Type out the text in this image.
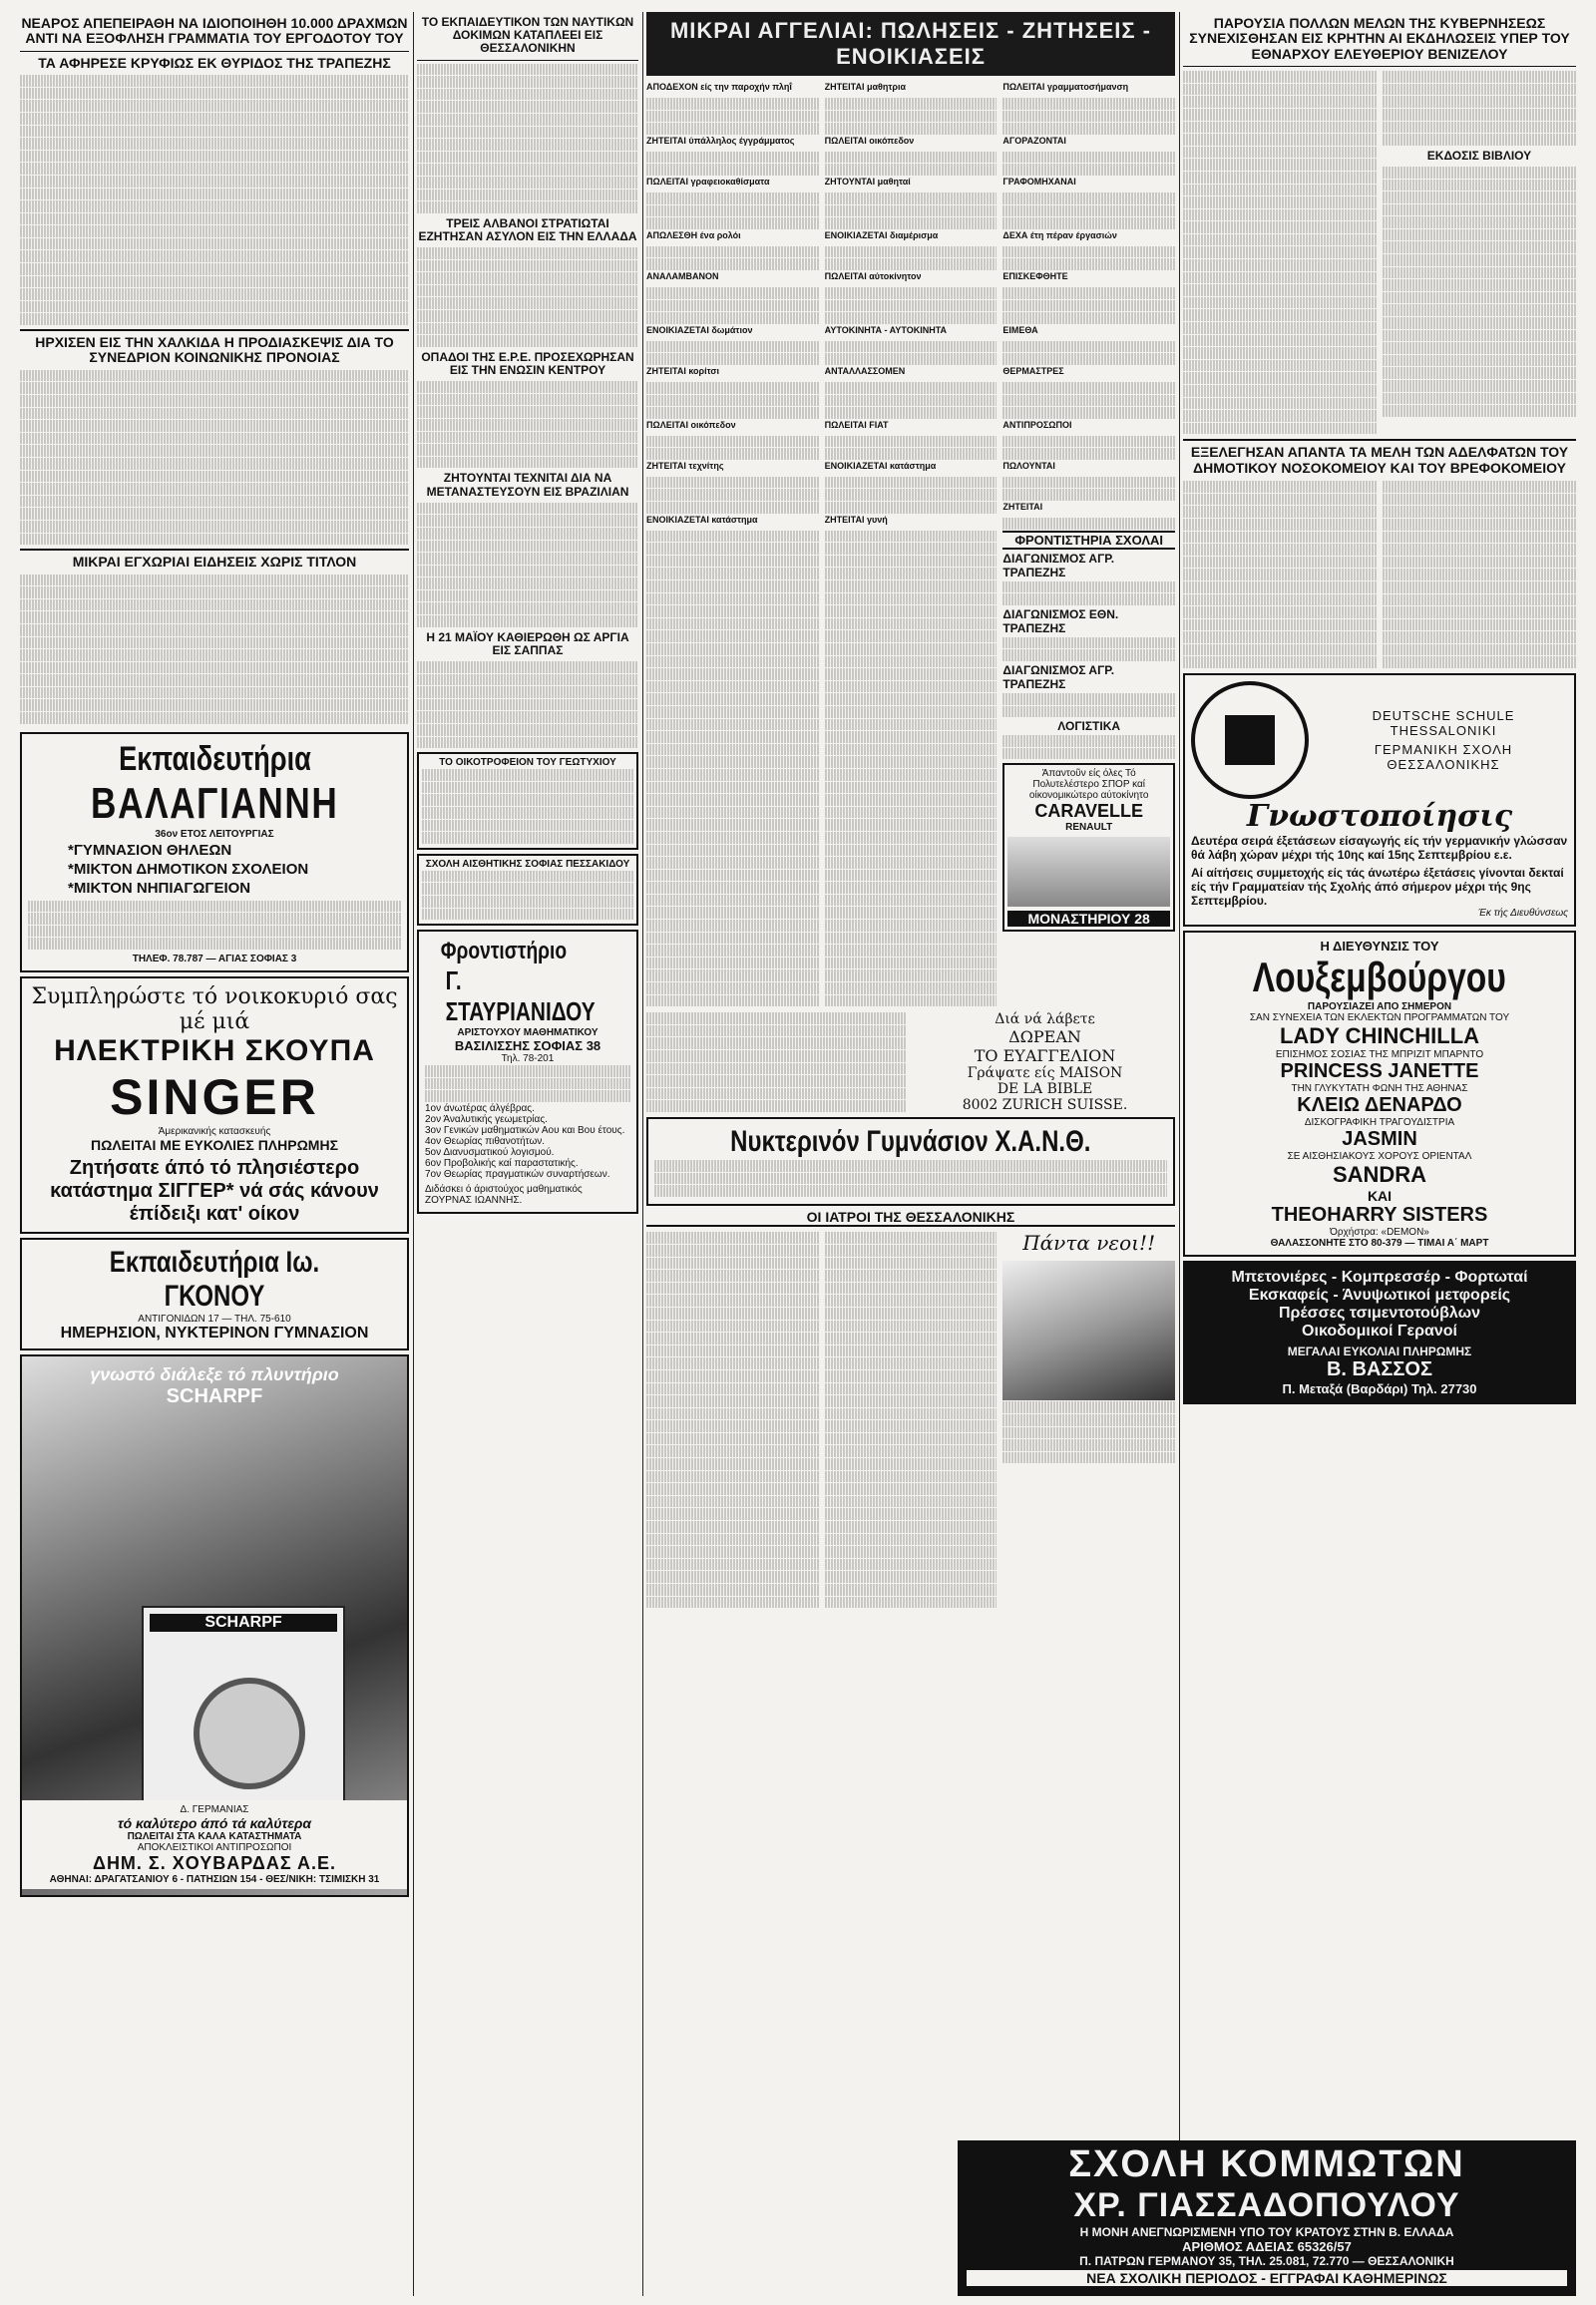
ΝΕΑΡΟΣ ΑΠΕΠΕΙΡΑΘΗ ΝΑ ΙΔΙΟΠΟΙΗΘΗ 10.000 ΔΡΑΧΜΩΝ ΑΝΤΙ ΝΑ ΕΞΟΦΛΗΣΗ ΓΡΑΜΜΑΤΙΑ ΤΟΥ ΕΡΓΟΔΟΤΟΥ ΤΟΥ
ΤΑ ΑΦΗΡΕΣΕ ΚΡΥΦΙΩΣ ΕΚ ΘΥΡΙΔΟΣ ΤΗΣ ΤΡΑΠΕΖΗΣ
ΗΡΧΙΣΕΝ ΕΙΣ ΤΗΝ ΧΑΛΚΙΔΑ Η ΠΡΟΔΙΑΣΚΕΨΙΣ ΔΙΑ ΤΟ ΣΥΝΕΔΡΙΟΝ ΚΟΙΝΩΝΙΚΗΣ ΠΡΟΝΟΙΑΣ
ΜΙΚΡΑΙ ΕΓΧΩΡΙΑΙ ΕΙΔΗΣΕΙΣ ΧΩΡΙΣ ΤΙΤΛΟΝ
Εκπαιδευτήρια
ΒΑΛΑΓΙΑΝΝΗ
36ον ΕΤΟΣ ΛΕΙΤΟΥΡΓΙΑΣ
*ΓΥΜΝΑΣΙΟΝ ΘΗΛΕΩΝ
*ΜΙΚΤΟΝ ΔΗΜΟΤΙΚΟΝ ΣΧΟΛΕΙΟΝ
*ΜΙΚΤΟΝ ΝΗΠΙΑΓΩΓΕΙΟΝ
ΤΗΛΕΦ. 78.787 — ΑΓΙΑΣ ΣΟΦΙΑΣ 3
Συμπληρώστε τό νοικοκυριό σας μέ μιά
ΗΛΕΚΤΡΙΚΗ ΣΚΟΥΠΑ
SINGER
Άμερικανικής κατασκευής
ΠΩΛΕΙΤΑΙ ΜΕ ΕΥΚΟΛΙΕΣ ΠΛΗΡΩΜΗΣ
Ζητήσατε άπό τό πλησιέστερο κατάστημα ΣΙΓΓΕΡ* νά σάς κάνουν έπίδειξι κατ' οίκον
Εκπαιδευτήρια Ιω. ΓΚΟΝΟΥ
ΑΝΤΙΓΟΝΙΔΩΝ 17 — ΤΗΛ. 75-610
ΗΜΕΡΗΣΙΟΝ, ΝΥΚΤΕΡΙΝΟΝ ΓΥΜΝΑΣΙΟΝ
γνωστό διάλεξε τό πλυντήριο
SCHARPF
SCHARPF
Δ. ΓΕΡΜΑΝΙΑΣ
τό καλύτερο άπό τά καλύτερα
ΠΩΛΕΙΤΑΙ ΣΤΑ ΚΑΛΑ ΚΑΤΑΣΤΗΜΑΤΑ
ΑΠΟΚΛΕΙΣΤΙΚΟΙ ΑΝΤΙΠΡΟΣΩΠΟΙ
ΔΗΜ. Σ. ΧΟΥΒΑΡΔΑΣ Α.Ε.
ΑΘΗΝΑΙ: ΔΡΑΓΑΤΣΑΝΙΟΥ 6 - ΠΑΤΗΣΙΩΝ 154 - ΘΕΣ/ΝΙΚΗ: ΤΣΙΜΙΣΚΗ 31
ΤΟ ΕΚΠΑΙΔΕΥΤΙΚΟΝ ΤΩΝ ΝΑΥΤΙΚΩΝ ΔΟΚΙΜΩΝ ΚΑΤΑΠΛΕΕΙ ΕΙΣ ΘΕΣΣΑΛΟΝΙΚΗΝ
ΤΡΕΙΣ ΑΛΒΑΝΟΙ ΣΤΡΑΤΙΩΤΑΙ ΕΖΗΤΗΣΑΝ ΑΣΥΛΟΝ ΕΙΣ ΤΗΝ ΕΛΛΑΔΑ
ΟΠΑΔΟΙ ΤΗΣ Ε.Ρ.Ε. ΠΡΟΣΕΧΩΡΗΣΑΝ ΕΙΣ ΤΗΝ ΕΝΩΣΙΝ ΚΕΝΤΡΟΥ
ΖΗΤΟΥΝΤΑΙ ΤΕΧΝΙΤΑΙ ΔΙΑ ΝΑ ΜΕΤΑΝΑΣΤΕΥΣΟΥΝ ΕΙΣ ΒΡΑΖΙΛΙΑΝ
Η 21 ΜΑΪΟΥ ΚΑΘΙΕΡΩΘΗ ΩΣ ΑΡΓΙΑ ΕΙΣ ΣΑΠΠΑΣ
ΤΟ ΟΙΚΟΤΡΟΦΕΙΟΝ ΤΟΥ ΓΕΩΤΥΧΙΟΥ
ΣΧΟΛΗ ΑΙΣΘΗΤΙΚΗΣ ΣΟΦΙΑΣ ΠΕΣΣΑΚΙΔΟΥ
Φροντιστήριο Γ. ΣΤΑΥΡΙΑΝΙΔΟΥ
ΑΡΙΣΤΟΥΧΟΥ ΜΑΘΗΜΑΤΙΚΟΥ
ΒΑΣΙΛΙΣΣΗΣ ΣΟΦΙΑΣ 38
Τηλ. 78-201
1ον άνωτέρας άλγέβρας.
2ον Άναλυτικής γεωμετρίας.
3ον Γενικών μαθηματικών Αου και Βου έτους.
4ον Θεωρίας πιθανοτήτων.
5ον Διανυσματικού λογισμού.
6ον Προβολικής καί παραστατικής.
7ον Θεωρίας πραγματικών συναρτήσεων.
Διδάσκει ό άριστούχος μαθηματικός ΖΟΥΡΝΑΣ ΙΩΑΝΝΗΣ.
ΜΙΚΡΑΙ ΑΓΓΕΛΙΑΙ: ΠΩΛΗΣΕΙΣ - ΖΗΤΗΣΕΙΣ - ΕΝΟΙΚΙΑΣΕΙΣ
ΑΠΟΔΕΧΟΝ είς την παροχήν πληΐ
ΖΗΤΕΙΤΑΙ ύπάλληλος έγγράμματος
ΠΩΛΕΙΤΑΙ γραφειοκαθίσματα
ΑΠΩΛΕΣΘΗ ένα ρολόι
ΑΝΑΛΑΜΒΑΝΟΝ
ΕΝΟΙΚΙΑΖΕΤΑΙ δωμάτιον
ΖΗΤΕΙΤΑΙ κορίτσι
ΠΩΛΕΙΤΑΙ οικόπεδον
ΖΗΤΕΙΤΑΙ τεχνίτης
ΕΝΟΙΚΙΑΖΕΤΑΙ κατάστημα
ΖΗΤΕΙΤΑΙ μαθητρια
ΠΩΛΕΙΤΑΙ οικόπεδον
ΖΗΤΟΥΝΤΑΙ μαθηταί
ΕΝΟΙΚΙΑΖΕΤΑΙ διαμέρισμα
ΠΩΛΕΙΤΑΙ αύτοκίνητον
ΑΥΤΟΚΙΝΗΤΑ - ΑΥΤΟΚΙΝΗΤΑ
ΑΝΤΑΛΛΑΣΣΟΜΕΝ
ΠΩΛΕΙΤΑΙ FIAT
ΕΝΟΙΚΙΑΖΕΤΑΙ κατάστημα
ΖΗΤΕΙΤΑΙ γυνή
ΠΩΛΕΙΤΑΙ γραμματοσήμανση
ΑΓΟΡΑΖΟΝΤΑΙ
ΓΡΑΦΟΜΗΧΑΝΑΙ
ΔΕΧΑ έτη πέραν έργασιών
ΕΠΙΣΚΕΦΘΗΤΕ
ΕΙΜΕΘΑ
ΘΕΡΜΑΣΤΡΕΣ
ΑΝΤΙΠΡΟΣΩΠΟΙ
ΠΩΛΟΥΝΤΑΙ
ΖΗΤΕΙΤΑΙ
ΦΡΟΝΤΙΣΤΗΡΙΑ ΣΧΟΛΑΙ
ΔΙΑΓΩΝΙΣΜΟΣ ΑΓΡ. ΤΡΑΠΕΖΗΣ
ΔΙΑΓΩΝΙΣΜΟΣ ΕΘΝ. ΤΡΑΠΕΖΗΣ
ΔΙΑΓΩΝΙΣΜΟΣ ΑΓΡ. ΤΡΑΠΕΖΗΣ
ΛΟΓΙΣΤΙΚΑ
Άπαντοῦν είς όλες Τό Πολυτελέστερο ΣΠΟΡ καί οίκονομικώτερο αύτοκίνητο
CARAVELLE
RENAULT
ΜΟΝΑΣΤΗΡΙΟΥ 28
Διά νά λάβετε
ΔΩΡΕΑΝ
ΤΟ ΕΥΑΓΓΕΛΙΟΝ
Γράψατε είς MAISON
DE LA BIBLE
8002 ZURICH SUISSE.
Νυκτερινόν Γυμνάσιον Χ.Α.Ν.Θ.
ΟΙ ΙΑΤΡΟΙ ΤΗΣ ΘΕΣΣΑΛΟΝΙΚΗΣ
Πάντα νεοι!!
ΠΑΡΟΥΣΙΑ ΠΟΛΛΩΝ ΜΕΛΩΝ ΤΗΣ ΚΥΒΕΡΝΗΣΕΩΣ ΣΥΝΕΧΙΣΘΗΣΑΝ ΕΙΣ ΚΡΗΤΗΝ ΑΙ ΕΚΔΗΛΩΣΕΙΣ ΥΠΕΡ ΤΟΥ ΕΘΝΑΡΧΟΥ ΕΛΕΥΘΕΡΙΟΥ ΒΕΝΙΖΕΛΟΥ
ΕΚΔΟΣΙΣ ΒΙΒΛΙΟΥ
ΕΞΕΛΕΓΗΣΑΝ ΑΠΑΝΤΑ ΤΑ ΜΕΛΗ ΤΩΝ ΑΔΕΛΦΑΤΩΝ ΤΟΥ ΔΗΜΟΤΙΚΟΥ ΝΟΣΟΚΟΜΕΙΟΥ ΚΑΙ ΤΟΥ ΒΡΕΦΟΚΟΜΕΙΟΥ
DEUTSCHE SCHULE
THESSALONIKI
ΓΕΡΜΑΝΙΚΗ ΣΧΟΛΗ
ΘΕΣΣΑΛΟΝΙΚΗΣ
Γνωστοποίησις
Δευτέρα σειρά έξετάσεων είσαγωγής είς τήν γερμανικήν γλώσσαν θά λάβη χώραν μέχρι τής 10ης καί 15ης Σεπτεμβρίου ε.ε.
Αί αίτήσεις συμμετοχής είς τάς άνωτέρω έξετάσεις γίνονται δεκταί είς τήν Γραμματείαν τής Σχολής άπό σήμερον μέχρι τής 9ης Σεπτεμβρίου.
Έκ τής Διευθύνσεως
Η ΔΙΕΥΘΥΝΣΙΣ ΤΟΥ
Λουξεμβούργου
ΠΑΡΟΥΣΙΑΖΕΙ ΑΠΟ ΣΗΜΕΡΟΝ
ΣΑΝ ΣΥΝΕΧΕΙΑ ΤΩΝ ΕΚΛΕΚΤΩΝ ΠΡΟΓΡΑΜΜΑΤΩΝ ΤΟΥ
LADY CHINCHILLA
ΕΠΙΣΗΜΟΣ ΣΟΣΙΑΣ ΤΗΣ ΜΠΡΙΖΙΤ ΜΠΑΡΝΤΟ
PRINCESS JANETTE
ΤΗΝ ΓΛΥΚΥΤΑΤΗ ΦΩΝΗ ΤΗΣ ΑΘΗΝΑΣ
ΚΛΕΙΩ ΔΕΝΑΡΔΟ
ΔΙΣΚΟΓΡΑΦΙΚΗ ΤΡΑΓΟΥΔΙΣΤΡΙΑ
JASMIN
ΣΕ ΑΙΣΘΗΣΙΑΚΟΥΣ ΧΟΡΟΥΣ ΟΡΙΕΝΤΑΛ
SANDRA
ΚΑΙ
THEOHARRY SISTERS
Όρχήστρα: «DEMON»
ΘΑΛΑΣΣΟΝΗΤΕ ΣΤΟ 80-379 — ΤΙΜΑΙ Α΄ ΜΑΡΤ
Μπετονιέρες - Κομπρεσσέρ - Φορτωταί
Εκσκαφείς - Άνυψωτικοί μετφορείς
Πρέσσες τσιμεντοτούβλων
Οικοδομικοί Γερανοί
ΜΕΓΑΛΑΙ ΕΥΚΟΛΙΑΙ ΠΛΗΡΩΜΗΣ
Β. ΒΑΣΣΟΣ
Π. Μεταξά (Βαρδάρι) Τηλ. 27730
ΣΧΟΛΗ ΚΟΜΜΩΤΩΝ
ΧΡ. ΓΙΑΣΣΑΔΟΠΟΥΛΟΥ
Η ΜΟΝΗ ΑΝΕΓΝΩΡΙΣΜΕΝΗ ΥΠΟ ΤΟΥ ΚΡΑΤΟΥΣ ΣΤΗΝ Β. ΕΛΛΑΔΑ
ΑΡΙΘΜΟΣ ΑΔΕΙΑΣ 65326/57
Π. ΠΑΤΡΩΝ ΓΕΡΜΑΝΟΥ 35, ΤΗΛ. 25.081, 72.770 — ΘΕΣΣΑΛΟΝΙΚΗ
ΝΕΑ ΣΧΟΛΙΚΗ ΠΕΡΙΟΔΟΣ - ΕΓΓΡΑΦΑΙ ΚΑΘΗΜΕΡΙΝΩΣ
